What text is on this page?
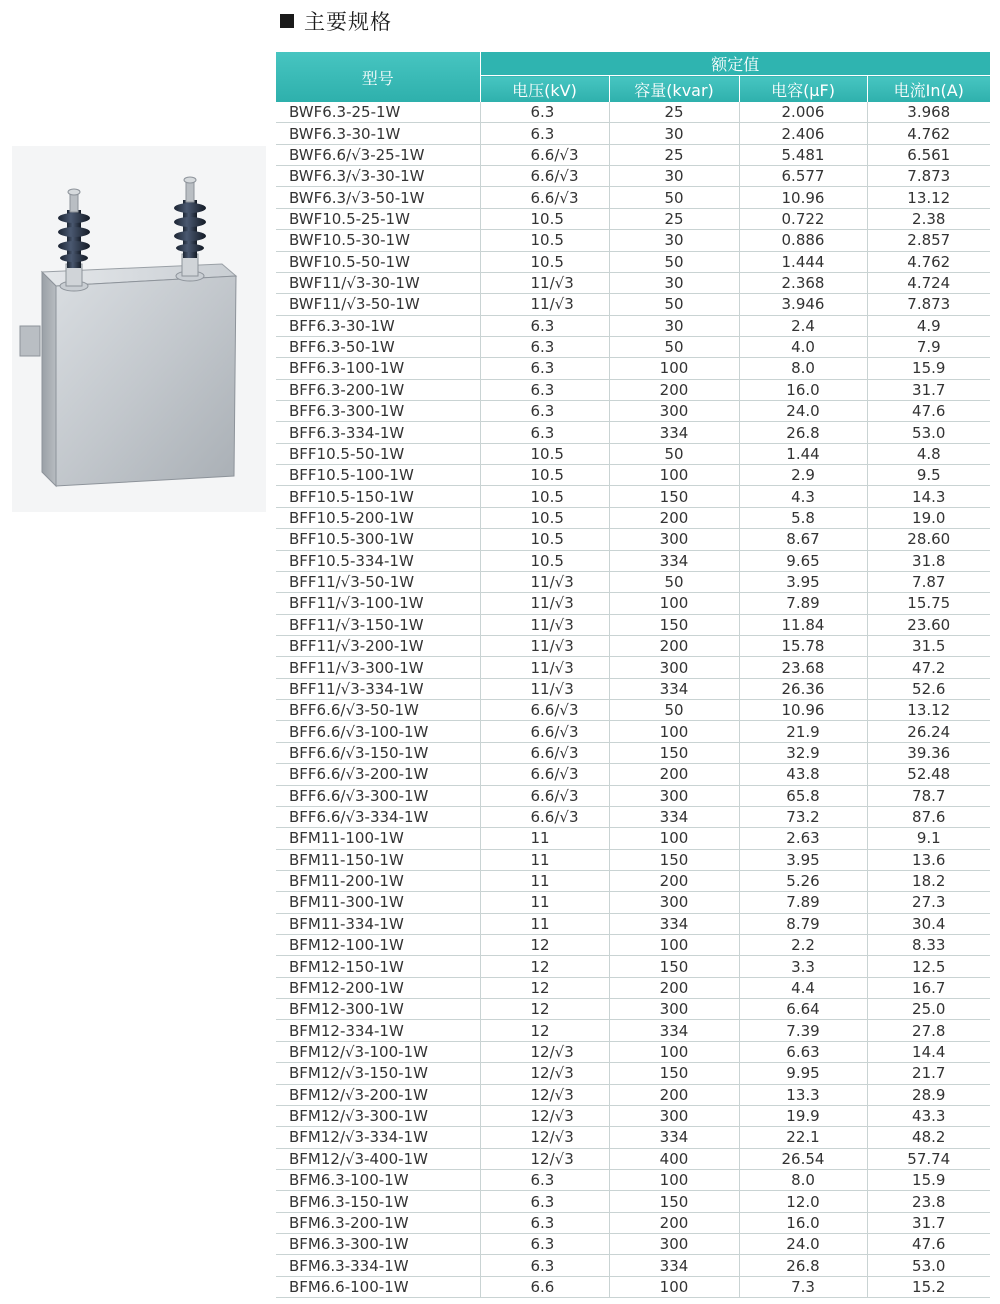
主要规格
型号	额定值			
	电压(kV)	容量(kvar)	电容(μF)	电流In(A)
BWF6.3-25-1W	6.3	25	2.006	3.968
BWF6.3-30-1W	6.3	30	2.406	4.762
BWF6.6/√3-25-1W	6.6/√3	25	5.481	6.561
BWF6.3/√3-30-1W	6.6/√3	30	6.577	7.873
BWF6.3/√3-50-1W	6.6/√3	50	10.96	13.12
BWF10.5-25-1W	10.5	25	0.722	2.38
BWF10.5-30-1W	10.5	30	0.886	2.857
BWF10.5-50-1W	10.5	50	1.444	4.762
BWF11/√3-30-1W	11/√3	30	2.368	4.724
BWF11/√3-50-1W	11/√3	50	3.946	7.873
BFF6.3-30-1W	6.3	30	2.4	4.9
BFF6.3-50-1W	6.3	50	4.0	7.9
BFF6.3-100-1W	6.3	100	8.0	15.9
BFF6.3-200-1W	6.3	200	16.0	31.7
BFF6.3-300-1W	6.3	300	24.0	47.6
BFF6.3-334-1W	6.3	334	26.8	53.0
BFF10.5-50-1W	10.5	50	1.44	4.8
BFF10.5-100-1W	10.5	100	2.9	9.5
BFF10.5-150-1W	10.5	150	4.3	14.3
BFF10.5-200-1W	10.5	200	5.8	19.0
BFF10.5-300-1W	10.5	300	8.67	28.60
BFF10.5-334-1W	10.5	334	9.65	31.8
BFF11/√3-50-1W	11/√3	50	3.95	7.87
BFF11/√3-100-1W	11/√3	100	7.89	15.75
BFF11/√3-150-1W	11/√3	150	11.84	23.60
BFF11/√3-200-1W	11/√3	200	15.78	31.5
BFF11/√3-300-1W	11/√3	300	23.68	47.2
BFF11/√3-334-1W	11/√3	334	26.36	52.6
BFF6.6/√3-50-1W	6.6/√3	50	10.96	13.12
BFF6.6/√3-100-1W	6.6/√3	100	21.9	26.24
BFF6.6/√3-150-1W	6.6/√3	150	32.9	39.36
BFF6.6/√3-200-1W	6.6/√3	200	43.8	52.48
BFF6.6/√3-300-1W	6.6/√3	300	65.8	78.7
BFF6.6/√3-334-1W	6.6/√3	334	73.2	87.6
BFM11-100-1W	11	100	2.63	9.1
BFM11-150-1W	11	150	3.95	13.6
BFM11-200-1W	11	200	5.26	18.2
BFM11-300-1W	11	300	7.89	27.3
BFM11-334-1W	11	334	8.79	30.4
BFM12-100-1W	12	100	2.2	8.33
BFM12-150-1W	12	150	3.3	12.5
BFM12-200-1W	12	200	4.4	16.7
BFM12-300-1W	12	300	6.64	25.0
BFM12-334-1W	12	334	7.39	27.8
BFM12/√3-100-1W	12/√3	100	6.63	14.4
BFM12/√3-150-1W	12/√3	150	9.95	21.7
BFM12/√3-200-1W	12/√3	200	13.3	28.9
BFM12/√3-300-1W	12/√3	300	19.9	43.3
BFM12/√3-334-1W	12/√3	334	22.1	48.2
BFM12/√3-400-1W	12/√3	400	26.54	57.74
BFM6.3-100-1W	6.3	100	8.0	15.9
BFM6.3-150-1W	6.3	150	12.0	23.8
BFM6.3-200-1W	6.3	200	16.0	31.7
BFM6.3-300-1W	6.3	300	24.0	47.6
BFM6.3-334-1W	6.3	334	26.8	53.0
BFM6.6-100-1W	6.6	100	7.3	15.2
